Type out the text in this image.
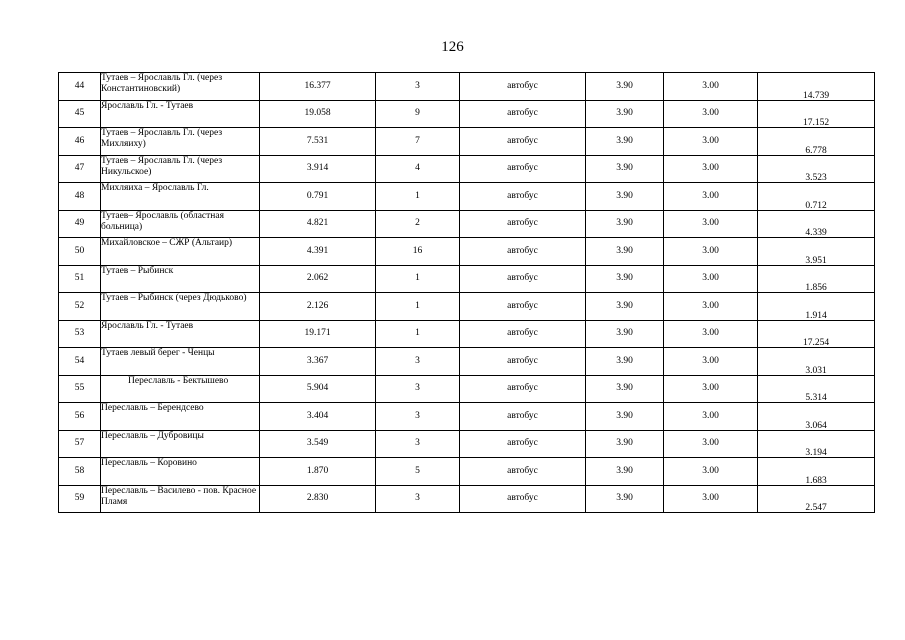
126
44	Тутаев – Ярославль Гл. (через Константиновский)	16.377	3	автобус	3.90	3.00	14.739
45	Ярославль Гл. - Тутаев	19.058	9	автобус	3.90	3.00	17.152
46	Тутаев – Ярославль Гл. (через Михляиху)	7.531	7	автобус	3.90	3.00	6.778
47	Тутаев – Ярославль Гл. (через Никульское)	3.914	4	автобус	3.90	3.00	3.523
48	Михляиха – Ярославль Гл.	0.791	1	автобус	3.90	3.00	0.712
49	Тутаев– Ярославль (областная больница)	4.821	2	автобус	3.90	3.00	4.339
50	Михайловское – СЖР (Альтаир)	4.391	16	автобус	3.90	3.00	3.951
51	Тутаев – Рыбинск	2.062	1	автобус	3.90	3.00	1.856
52	Тутаев – Рыбинск (через Дюдьково)	2.126	1	автобус	3.90	3.00	1.914
53	Ярославль Гл. - Тутаев	19.171	1	автобус	3.90	3.00	17.254
54	Тутаев левый берег - Ченцы	3.367	3	автобус	3.90	3.00	3.031
55	Переславль - Бектышево	5.904	3	автобус	3.90	3.00	5.314
56	Переславль – Берендсево	3.404	3	автобус	3.90	3.00	3.064
57	Переславль – Дубровицы	3.549	3	автобус	3.90	3.00	3.194
58	Переславль – Коровино	1.870	5	автобус	3.90	3.00	1.683
59	Переславль – Василево - пов. Красное Пламя	2.830	3	автобус	3.90	3.00	2.547
